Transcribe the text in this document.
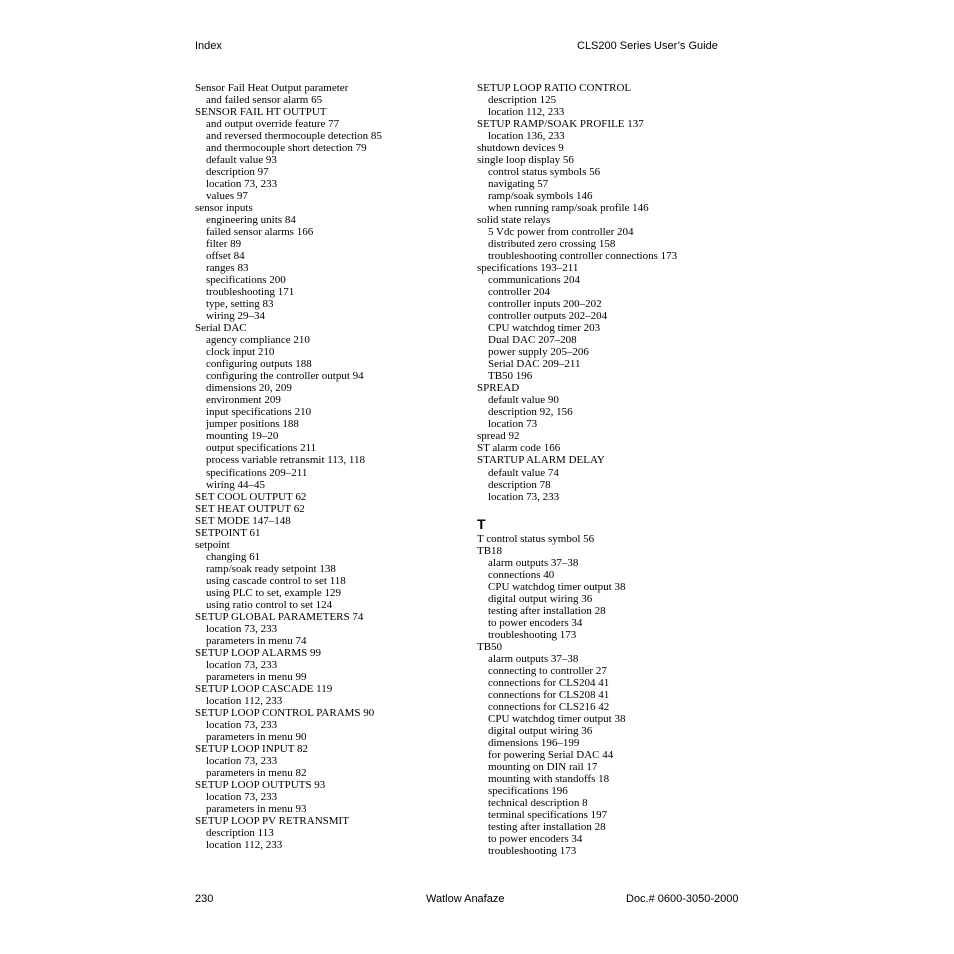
Index	CLS200 Series User’s Guide
Sensor Fail Heat Output parameter
and failed sensor alarm 65
SENSOR FAIL HT OUTPUT
and output override feature 77
and reversed thermocouple detection 85
and thermocouple short detection 79
default value 93
description 97
location 73, 233
values 97
sensor inputs
engineering units 84
failed sensor alarms 166
filter 89
offset 84
ranges 83
specifications 200
troubleshooting 171
type, setting 83
wiring 29–34
Serial DAC
agency compliance 210
clock input 210
configuring outputs 188
configuring the controller output 94
dimensions 20, 209
environment 209
input specifications 210
jumper positions 188
mounting 19–20
output specifications 211
process variable retransmit 113, 118
specifications 209–211
wiring 44–45
SET COOL OUTPUT 62
SET HEAT OUTPUT 62
SET MODE 147–148
SETPOINT 61
setpoint
changing 61
ramp/soak ready setpoint 138
using cascade control to set 118
using PLC to set, example 129
using ratio control to set 124
SETUP GLOBAL PARAMETERS 74
location 73, 233
parameters in menu 74
SETUP LOOP ALARMS 99
location 73, 233
parameters in menu 99
SETUP LOOP CASCADE 119
location 112, 233
SETUP LOOP CONTROL PARAMS 90
location 73, 233
parameters in menu 90
SETUP LOOP INPUT 82
location 73, 233
parameters in menu 82
SETUP LOOP OUTPUTS 93
location 73, 233
parameters in menu 93
SETUP LOOP PV RETRANSMIT
description 113
location 112, 233
SETUP LOOP RATIO CONTROL
description 125
location 112, 233
SETUP RAMP/SOAK PROFILE 137
location 136, 233
shutdown devices 9
single loop display 56
control status symbols 56
navigating 57
ramp/soak symbols 146
when running ramp/soak profile 146
solid state relays
5 Vdc power from controller 204
distributed zero crossing 158
troubleshooting controller connections 173
specifications 193–211
communications 204
controller 204
controller inputs 200–202
controller outputs 202–204
CPU watchdog timer 203
Dual DAC 207–208
power supply 205–206
Serial DAC 209–211
TB50 196
SPREAD
default value 90
description 92, 156
location 73
spread 92
ST alarm code 166
STARTUP ALARM DELAY
default value 74
description 78
location 73, 233
T
T control status symbol 56
TB18
alarm outputs 37–38
connections 40
CPU watchdog timer output 38
digital output wiring 36
testing after installation 28
to power encoders 34
troubleshooting 173
TB50
alarm outputs 37–38
connecting to controller 27
connections for CLS204 41
connections for CLS208 41
connections for CLS216 42
CPU watchdog timer output 38
digital output wiring 36
dimensions 196–199
for powering Serial DAC 44
mounting on DIN rail 17
mounting with standoffs 18
specifications 196
technical description 8
terminal specifications 197
testing after installation 28
to power encoders 34
troubleshooting 173
230	Watlow Anafaze	Doc.# 0600-3050-2000
